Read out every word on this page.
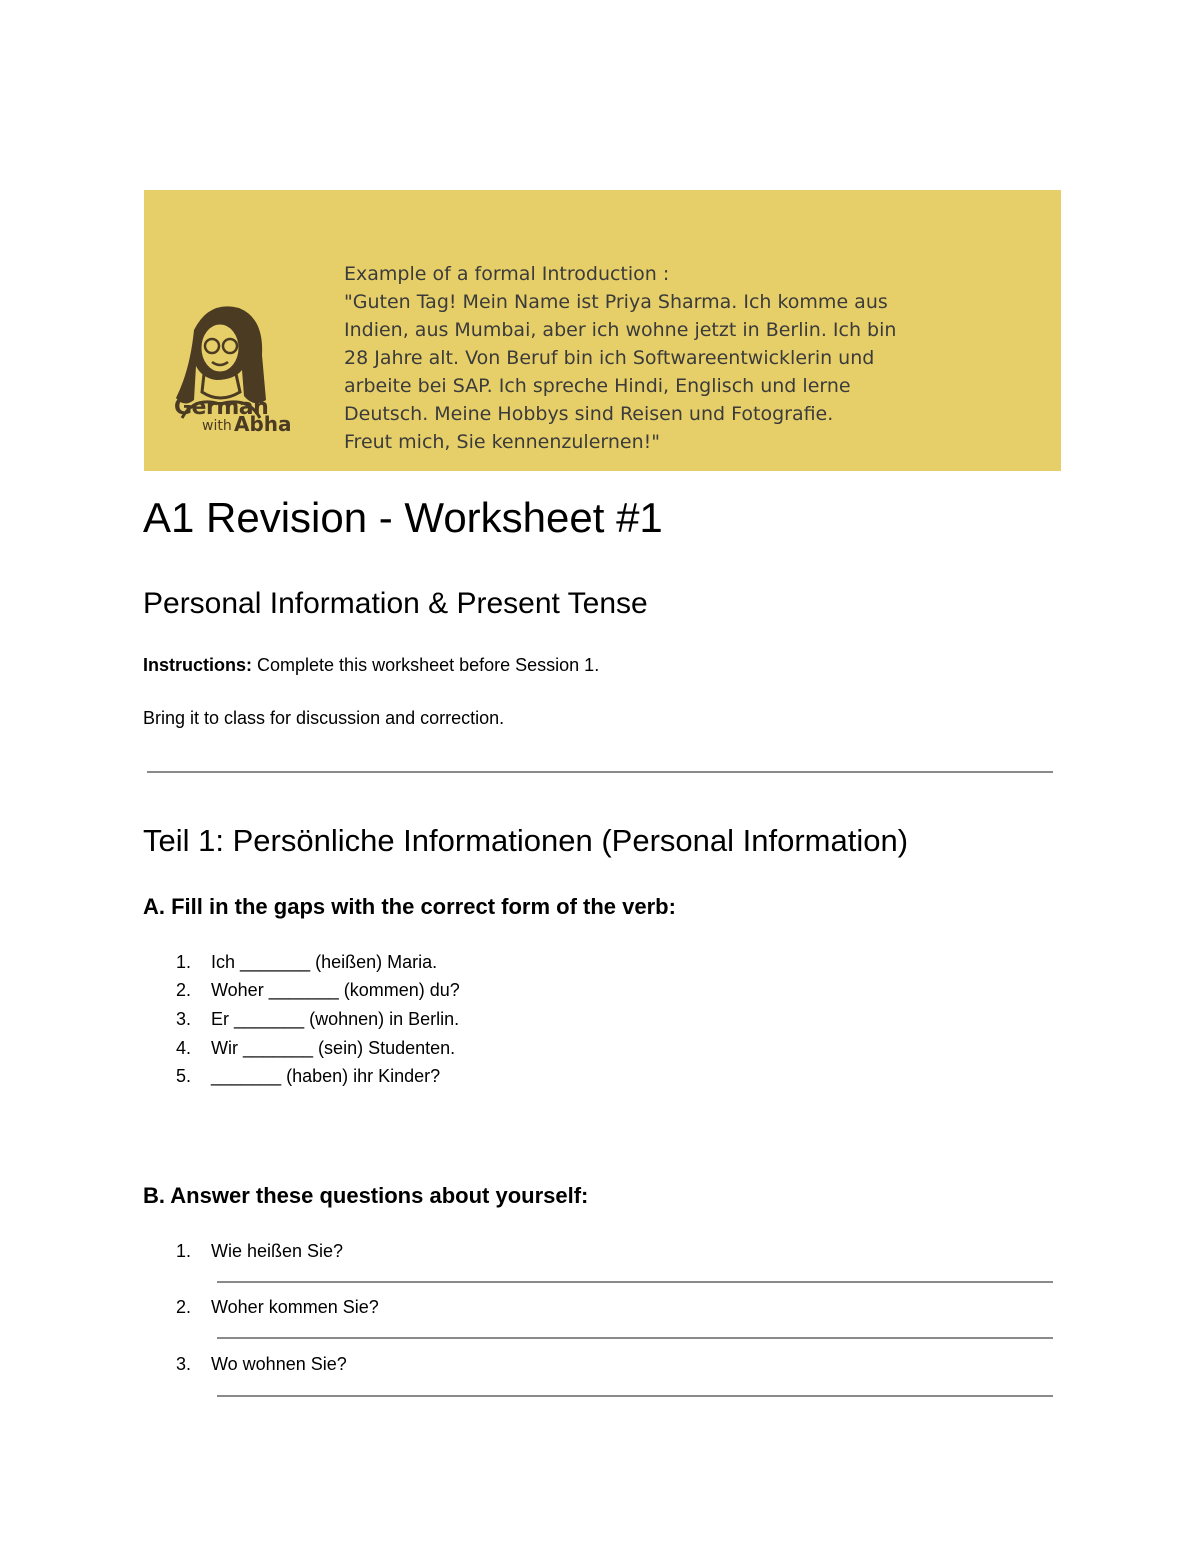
German
with Abha
Example of a formal Introduction :
"Guten Tag! Mein Name ist Priya Sharma. Ich komme aus
Indien, aus Mumbai, aber ich wohne jetzt in Berlin. Ich bin
28 Jahre alt. Von Beruf bin ich Softwareentwicklerin und
arbeite bei SAP. Ich spreche Hindi, Englisch und lerne
Deutsch. Meine Hobbys sind Reisen und Fotografie.
Freut mich, Sie kennenzulernen!"
A1 Revision - Worksheet #1
Personal Information & Present Tense

Instructions: Complete this worksheet before Session 1.

Bring it to class for discussion and correction.

Teil 1: Persönliche Informationen (Personal Information)
A. Fill in the gaps with the correct form of the verb:
1. Ich _______ (heißen) Maria.
2. Woher _______ (kommen) du?
3. Er _______ (wohnen) in Berlin.
4. Wir _______ (sein) Studenten.
5. _______ (haben) ihr Kinder?
B. Answer these questions about yourself:
1. Wie heißen Sie?
2. Woher kommen Sie?
3. Wo wohnen Sie?
